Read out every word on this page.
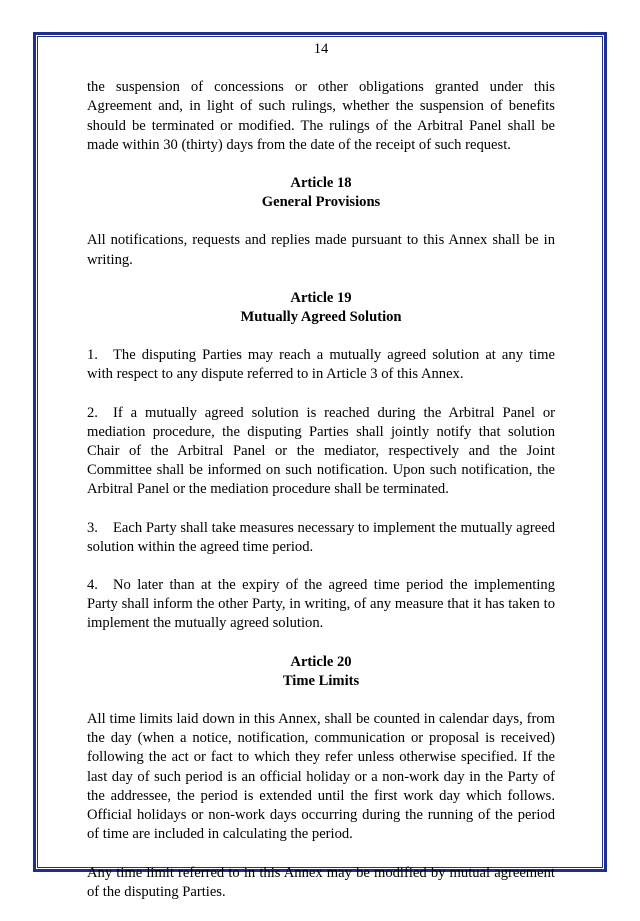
14

the suspension of concessions or other obligations granted under this Agreement and, in light of such rulings, whether the suspension of benefits should be terminated or modified. The rulings of the Arbitral Panel shall be made within 30 (thirty) days from the date of the receipt of such request.

Article 18
General Provisions

All notifications, requests and replies made pursuant to this Annex shall be in writing.

Article 19
Mutually Agreed Solution

1. The disputing Parties may reach a mutually agreed solution at any time with respect to any dispute referred to in Article 3 of this Annex.

2. If a mutually agreed solution is reached during the Arbitral Panel or mediation procedure, the disputing Parties shall jointly notify that solution Chair of the Arbitral Panel or the mediator, respectively and the Joint Committee shall be informed on such notification. Upon such notification, the Arbitral Panel or the mediation procedure shall be terminated.

3. Each Party shall take measures necessary to implement the mutually agreed solution within the agreed time period.

4. No later than at the expiry of the agreed time period the implementing Party shall inform the other Party, in writing, of any measure that it has taken to implement the mutually agreed solution.

Article 20
Time Limits

All time limits laid down in this Annex, shall be counted in calendar days, from the day (when a notice, notification, communication or proposal is received) following the act or fact to which they refer unless otherwise specified. If the last day of such period is an official holiday or a non-work day in the Party of the addressee, the period is extended until the first work day which follows. Official holidays or non-work days occurring during the running of the period of time are included in calculating the period.

Any time limit referred to in this Annex may be modified by mutual agreement of the disputing Parties.
